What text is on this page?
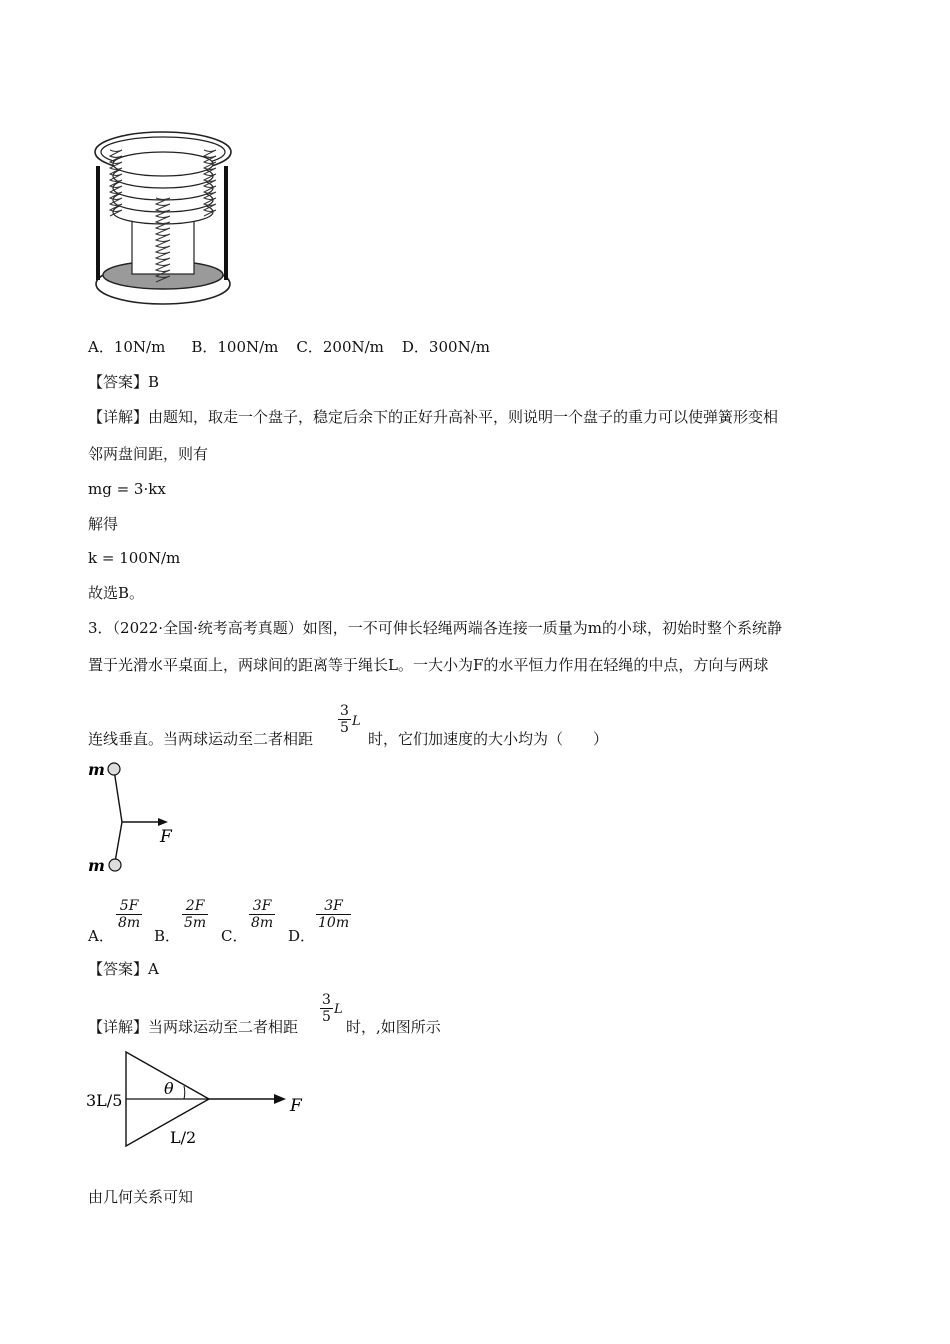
A．10N/m B．100N/m C．200N/m D．300N/m
【答案】B
【详解】由题知，取走一个盘子，稳定后余下的正好升高补平，则说明一个盘子的重力可以使弹簧形变相
邻两盘间距，则有
mg = 3·kx
解得
k = 100N/m
故选B。
3．（2022·全国·统考高考真题）如图，一不可伸长轻绳两端各连接一质量为m的小球，初始时整个系统静
置于光滑水平桌面上，两球间的距离等于绳长L。一大小为F的水平恒力作用在轻绳的中点，方向与两球
连线垂直。当两球运动至二者相距
$\frac{3}{5}$ L
时，它们加速度的大小均为（　　）
m
m
F
A．
$\frac{5F}{8m}$
B．
$\frac{2F}{5m}$
C．
$\frac{3F}{8m}$
D．
$\frac{3F}{10m}$
【答案】A
【详解】当两球运动至二者相距
$\frac{3}{5}$ L
时，,如图所示
3L/5
θ
L/2
F
由几何关系可知
